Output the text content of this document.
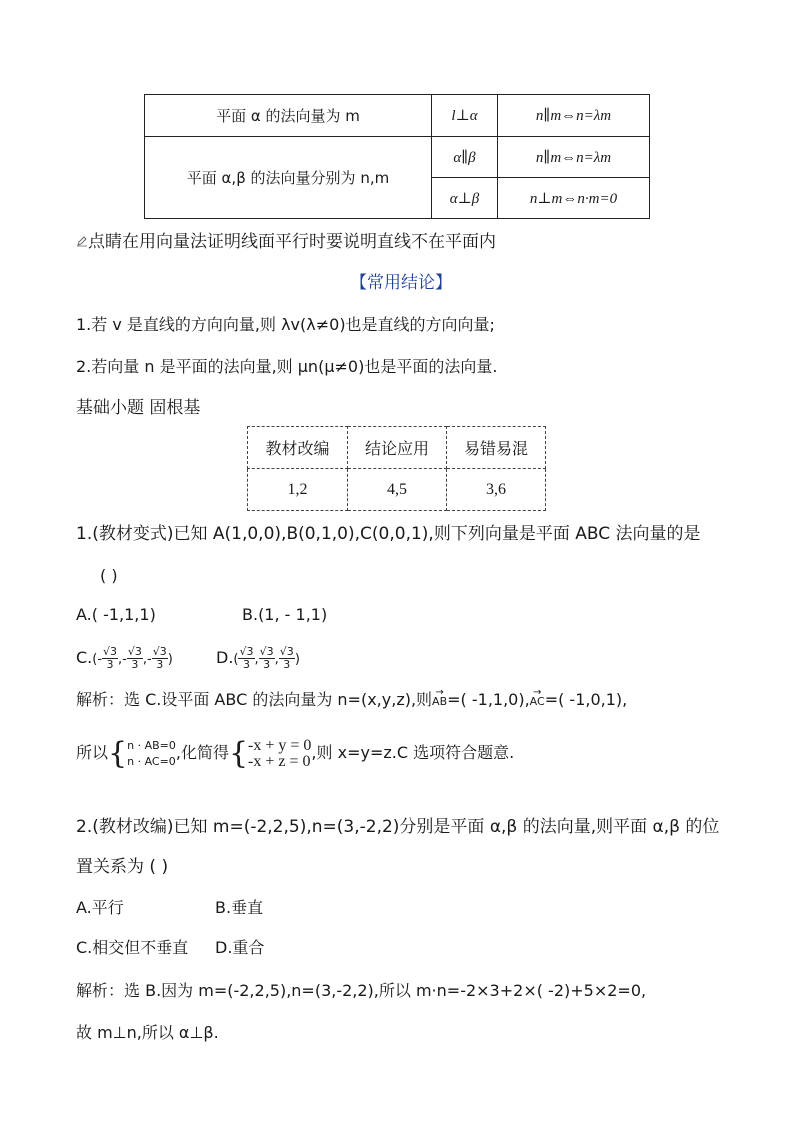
平面 α 的法向量为 m	l⊥α	n∥m⇔n=λm
平面 α,β 的法向量分别为 n,m	α∥β	n∥m⇔n=λm
	α⊥β	n⊥m⇔n·m=0
点睛在用向量法证明线面平行时要说明直线不在平面内
【常用结论】
1.若 v 是直线的方向向量,则 λv(λ≠0)也是直线的方向向量;
2.若向量 n 是平面的法向量,则 μn(μ≠0)也是平面的法向量.
基础小题 固根基
教材改编	结论应用	易错易混
1,2	4,5	3,6
1.(教材变式)已知 A(1,0,0),B(0,1,0),C(0,0,1),则下列向量是平面 ABC 法向量的是
( )
A.( -1,1,1)	B.(1, - 1,1)
$C.(- \frac{√3}{3}$ ,- $\frac{√3}{3}$ ,- $\frac{√3}{3}$ )	$D.( \frac{√3}{3}$ , $\frac{√3}{3}$ , $\frac{√3}{3}$ )
解析：选 C.设平面 ABC 的法向量为 n=(x,y,z),则→ AB=( -1,1,0),→ AC=( -1,0,1),
所以{ n · AB=0
n · AC=0 ,化简得{ -x + y = 0
-x + z = 0 ,则 x=y=z.C 选项符合题意.
2.(教材改编)已知 m=(-2,2,5),n=(3,-2,2)分别是平面 α,β 的法向量,则平面 α,β 的位
置关系为 ( )
A.平行	B.垂直
C.相交但不垂直 D.重合
解析：选 B.因为 m=(-2,2,5),n=(3,-2,2),所以 m·n=-2×3+2×( -2)+5×2=0,
故 m⊥n,所以 α⊥β.
